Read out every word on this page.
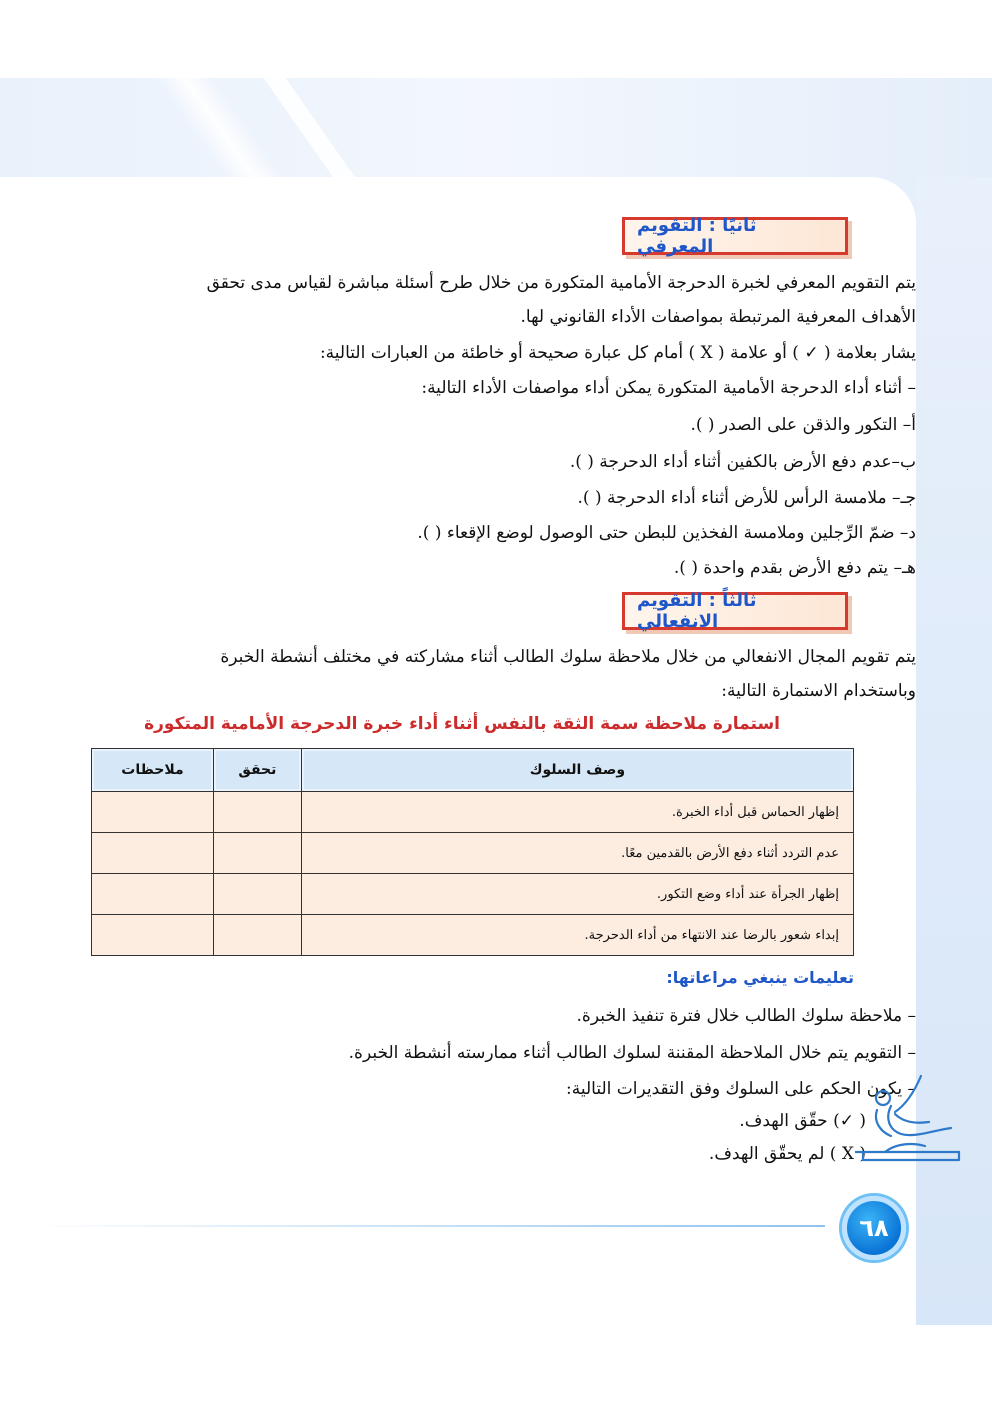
ثانيًا : التقويم المعرفي
يتم التقويم المعرفي لخبرة الدحرجة الأمامية المتكورة من خلال طرح أسئلة مباشرة لقياس مدى تحقق
الأهداف المعرفية المرتبطة بمواصفات الأداء القانوني لها.
يشار بعلامة ( ✓ ) أو علامة ( X ) أمام كل عبارة صحيحة أو خاطئة من العبارات التالية:
– أثناء أداء الدحرجة الأمامية المتكورة يمكن أداء مواصفات الأداء التالية:
أ– التكور والذقن على الصدر ( ).
ب–عدم دفع الأرض بالكفين أثناء أداء الدحرجة ( ).
جـ– ملامسة الرأس للأرض أثناء أداء الدحرجة ( ).
د– ضمّ الرِّجلين وملامسة الفخذين للبطن حتى الوصول لوضع الإقعاء ( ).
هـ– يتم دفع الأرض بقدم واحدة ( ).
ثالثاً : التقويم الانفعالي
يتم تقويم المجال الانفعالي من خلال ملاحظة سلوك الطالب أثناء مشاركته في مختلف أنشطة الخبرة
وباستخدام الاستمارة التالية:
استمارة ملاحظة سمة الثقة بالنفس أثناء أداء خبرة الدحرجة الأمامية المتكورة
وصف السلوك	تحقق	ملاحظات
إظهار الحماس قبل أداء الخبرة.		
عدم التردد أثناء دفع الأرض بالقدمين معًا.		
إظهار الجرأة عند أداء وضع التكور.		
إبداء شعور بالرضا عند الانتهاء من أداء الدحرجة.		
تعليمات ينبغي مراعاتها:
– ملاحظة سلوك الطالب خلال فترة تنفيذ الخبرة.
– التقويم يتم خلال الملاحظة المقننة لسلوك الطالب أثناء ممارسته أنشطة الخبرة.
– يكون الحكم على السلوك وفق التقديرات التالية:
( ✓) حقّق الهدف.
( X ) لم يحقّق الهدف.
٦٨
